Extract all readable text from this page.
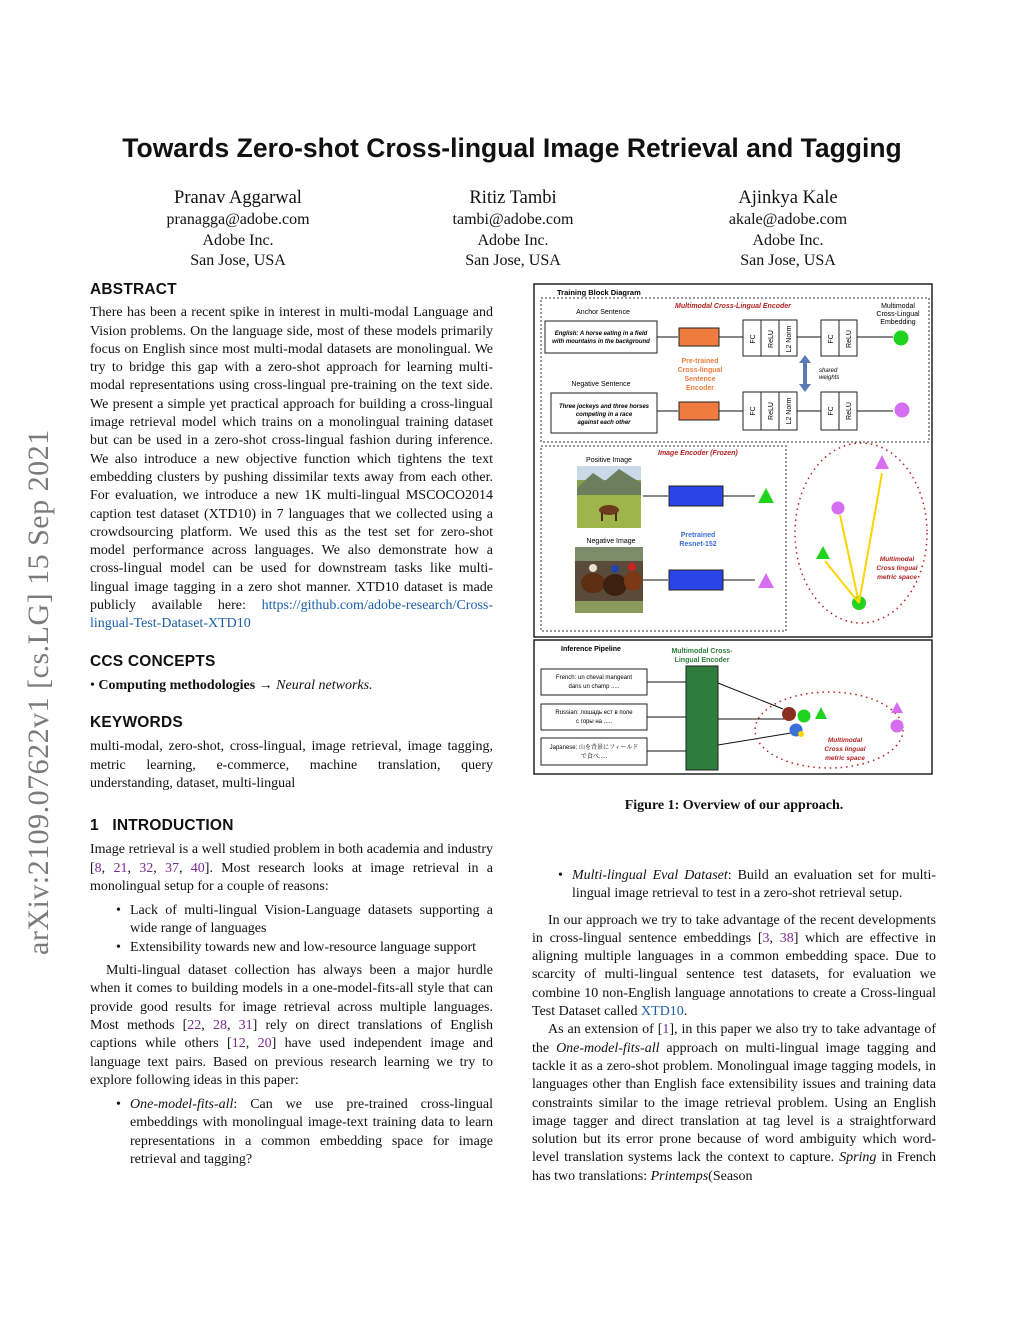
arXiv:2109.07622v1 [cs.LG] 15 Sep 2021
Towards Zero-shot Cross-lingual Image Retrieval and Tagging
Pranav Aggarwal
pranagga@adobe.com
Adobe Inc.
San Jose, USA
Ritiz Tambi
tambi@adobe.com
Adobe Inc.
San Jose, USA
Ajinkya Kale
akale@adobe.com
Adobe Inc.
San Jose, USA
ABSTRACT

There has been a recent spike in interest in multi-modal Language and Vision problems. On the language side, most of these models primarily focus on English since most multi-modal datasets are monolingual. We try to bridge this gap with a zero-shot approach for learning multi-modal representations using cross-lingual pre-training on the text side. We present a simple yet practical approach for building a cross-lingual image retrieval model which trains on a monolingual training dataset but can be used in a zero-shot cross-lingual fashion during inference. We also introduce a new objective function which tightens the text embedding clusters by pushing dissimilar texts away from each other. For evaluation, we introduce a new 1K multi-lingual MSCOCO2014 caption test dataset (XTD10) in 7 languages that we collected using a crowdsourcing platform. We used this as the test set for zero-shot model performance across languages. We also demonstrate how a cross-lingual model can be used for downstream tasks like multi-lingual image tagging in a zero shot manner. XTD10 dataset is made publicly available here: https://github.com/adobe-research/Cross-lingual-Test-Dataset-XTD10

CCS CONCEPTS

• Computing methodologies → Neural networks.

KEYWORDS

multi-modal, zero-shot, cross-lingual, image retrieval, image tagging, metric learning, e-commerce, machine translation, query understanding, dataset, multi-lingual

1 INTRODUCTION

Image retrieval is a well studied problem in both academia and industry [8, 21, 32, 37, 40]. Most research looks at image retrieval in a monolingual setup for a couple of reasons:

• Lack of multi-lingual Vision-Language datasets supporting a wide range of languages
• Extensibility towards new and low-resource language support

Multi-lingual dataset collection has always been a major hurdle when it comes to building models in a one-model-fits-all style that can provide good results for image retrieval across multiple languages. Most methods [22, 28, 31] rely on direct translations of English captions while others [12, 20] have used independent image and language text pairs. Based on previous research learning we try to explore following ideas in this paper:

• One-model-fits-all: Can we use pre-trained cross-lingual embeddings with monolingual image-text training data to learn representations in a common embedding space for image retrieval and tagging?
Training Block Diagram
Multimodal Cross-Lingual Encoder	Multimodal
Cross-Lingual
Embedding
Anchor Sentence
English: A horse eating in a field
with mountains in the background
Negative Sentence
Three jockeys and three horses
competing in a race
against each other
Pre-trained
Cross-lingual
Sentence
Encoder
FC ReLU L2 Norm	FC ReLU
FC ReLU L2 Norm	FC ReLU
shared
weights
Image Encoder (Frozen)
Positive Image
Negative Image
Pretrained
Resnet-152
Multimodal
Cross lingual
metric space
Inference Pipeline	Multimodal Cross-
Lingual Encoder
French: un cheval mangeant
dans un champ .....
Russian: лошадь ест в поле
с горы на .....
Japanese: 山を背景にフィールド
で食べ.....
Multimodal
Cross lingual
metric space
Figure 1: Overview of our approach.
• Multi-lingual Eval Dataset: Build an evaluation set for multi-lingual image retrieval to test in a zero-shot retrieval setup.

In our approach we try to take advantage of the recent developments in cross-lingual sentence embeddings [3, 38] which are effective in aligning multiple languages in a common embedding space. Due to scarcity of multi-lingual sentence test datasets, for evaluation we combine 10 non-English language annotations to create a Cross-lingual Test Dataset called XTD10.

As an extension of [1], in this paper we also try to take advantage of the One-model-fits-all approach on multi-lingual image tagging and tackle it as a zero-shot problem. Monolingual image tagging models, in languages other than English face extensibility issues and training data constraints similar to the image retrieval problem. Using an English image tagger and direct translation at tag level is a straightforward solution but its error prone because of word ambiguity which word-level translation systems lack the context to capture. Spring in French has two translations: Printemps(Season
